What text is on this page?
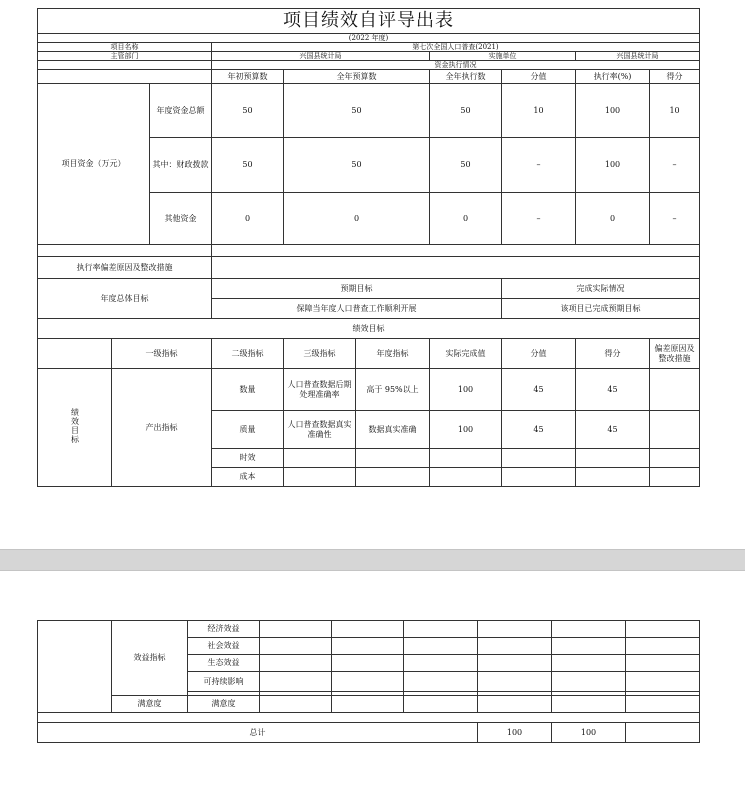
项目绩效自评导出表									
(2022 年度)									
项目名称			第七次全国人口普查(2021)						
主管部门			兴国县统计局			实施单位		兴国县统计局	
			资金执行情况						
			年初预算数	全年预算数		全年执行数	分值	执行率(%)	得分
项目资金（万元）		年度资金总额	50	50		50	10	100	10
		其中：财政拨款	50	50		50	–	100	–
		其他资金	0	0		0	–	0	–

执行率偏差原因及整改措施									
年度总体目标			预期目标				完成实际情况		
			保障当年度人口普查工作顺利开展				该项目已完成预期目标		
绩效目标									
	一级指标		二级指标	三级指标	年度指标	实际完成值	分值	得分	偏差原因及整改措施
绩效目标	产出指标		数量	人口普查数据后期处理准确率	高于 95%以上	100	45	45	
			质量	人口普查数据真实准确性	数据真实准确	100	45	45	
			时效						
			成本						
	效益指标	经济效益						
		社会效益						
		生态效益						
		可持续影响						

	满意度	满意度						

总计						100	100	
